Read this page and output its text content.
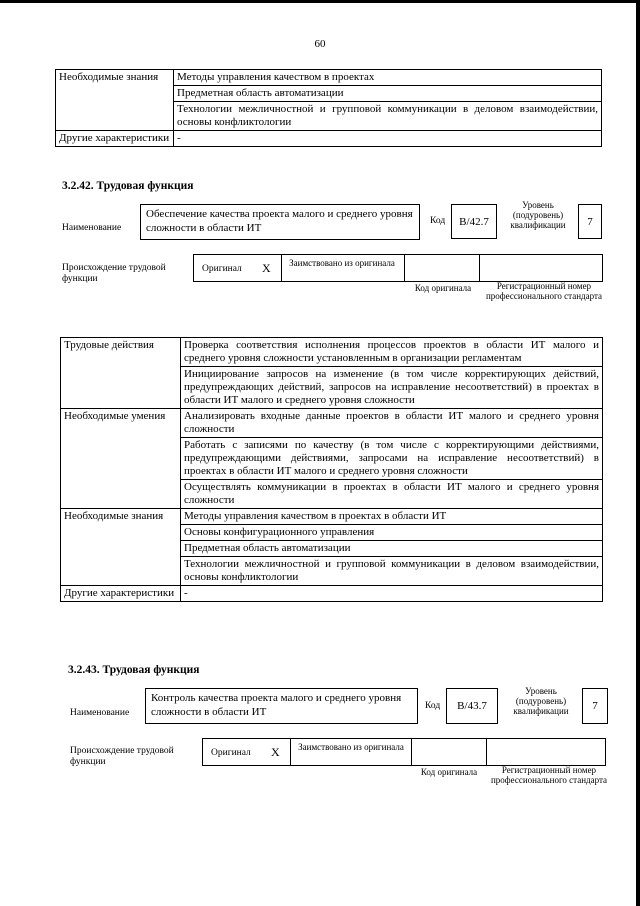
60
Необходимые знания	Методы управления качеством в проектах
	Предметная область автоматизации
	Технологии межличностной и групповой коммуникации в деловом взаимодействии, основы конфликтологии
Другие характеристики	-
3.2.42. Трудовая функция
Наименование
Обеспечение качества проекта малого и среднего уровня сложности в области ИТ
Код	B/42.7
Уровень (подуровень) квалификации	7
Происхождение трудовой функции
Оригинал X	Заимствовано из оригинала
Код оригинала	Регистрационный номер профессионального стандарта
Трудовые действия	Проверка соответствия исполнения процессов проектов в области ИТ малого и среднего уровня сложности установленным в организации регламентам
	Инициирование запросов на изменение (в том числе корректирующих действий, предупреждающих действий, запросов на исправление несоответствий) в проектах в области ИТ малого и среднего уровня сложности
Необходимые умения	Анализировать входные данные проектов в области ИТ малого и среднего уровня сложности
	Работать с записями по качеству (в том числе с корректирующими действиями, предупреждающими действиями, запросами на исправление несоответствий) в проектах в области ИТ малого и среднего уровня сложности
	Осуществлять коммуникации в проектах в области ИТ малого и среднего уровня сложности
Необходимые знания	Методы управления качеством в проектах в области ИТ
	Основы конфигурационного управления
	Предметная область автоматизации
	Технологии межличностной и групповой коммуникации в деловом взаимодействии, основы конфликтологии
Другие характеристики	-
3.2.43. Трудовая функция
Наименование
Контроль качества проекта малого и среднего уровня сложности в области ИТ	Код	B/43.7
Уровень (подуровень) квалификации	7
Происхождение трудовой функции
Оригинал X	Заимствовано из оригинала
Код оригинала	Регистрационный номер профессионального стандарта
